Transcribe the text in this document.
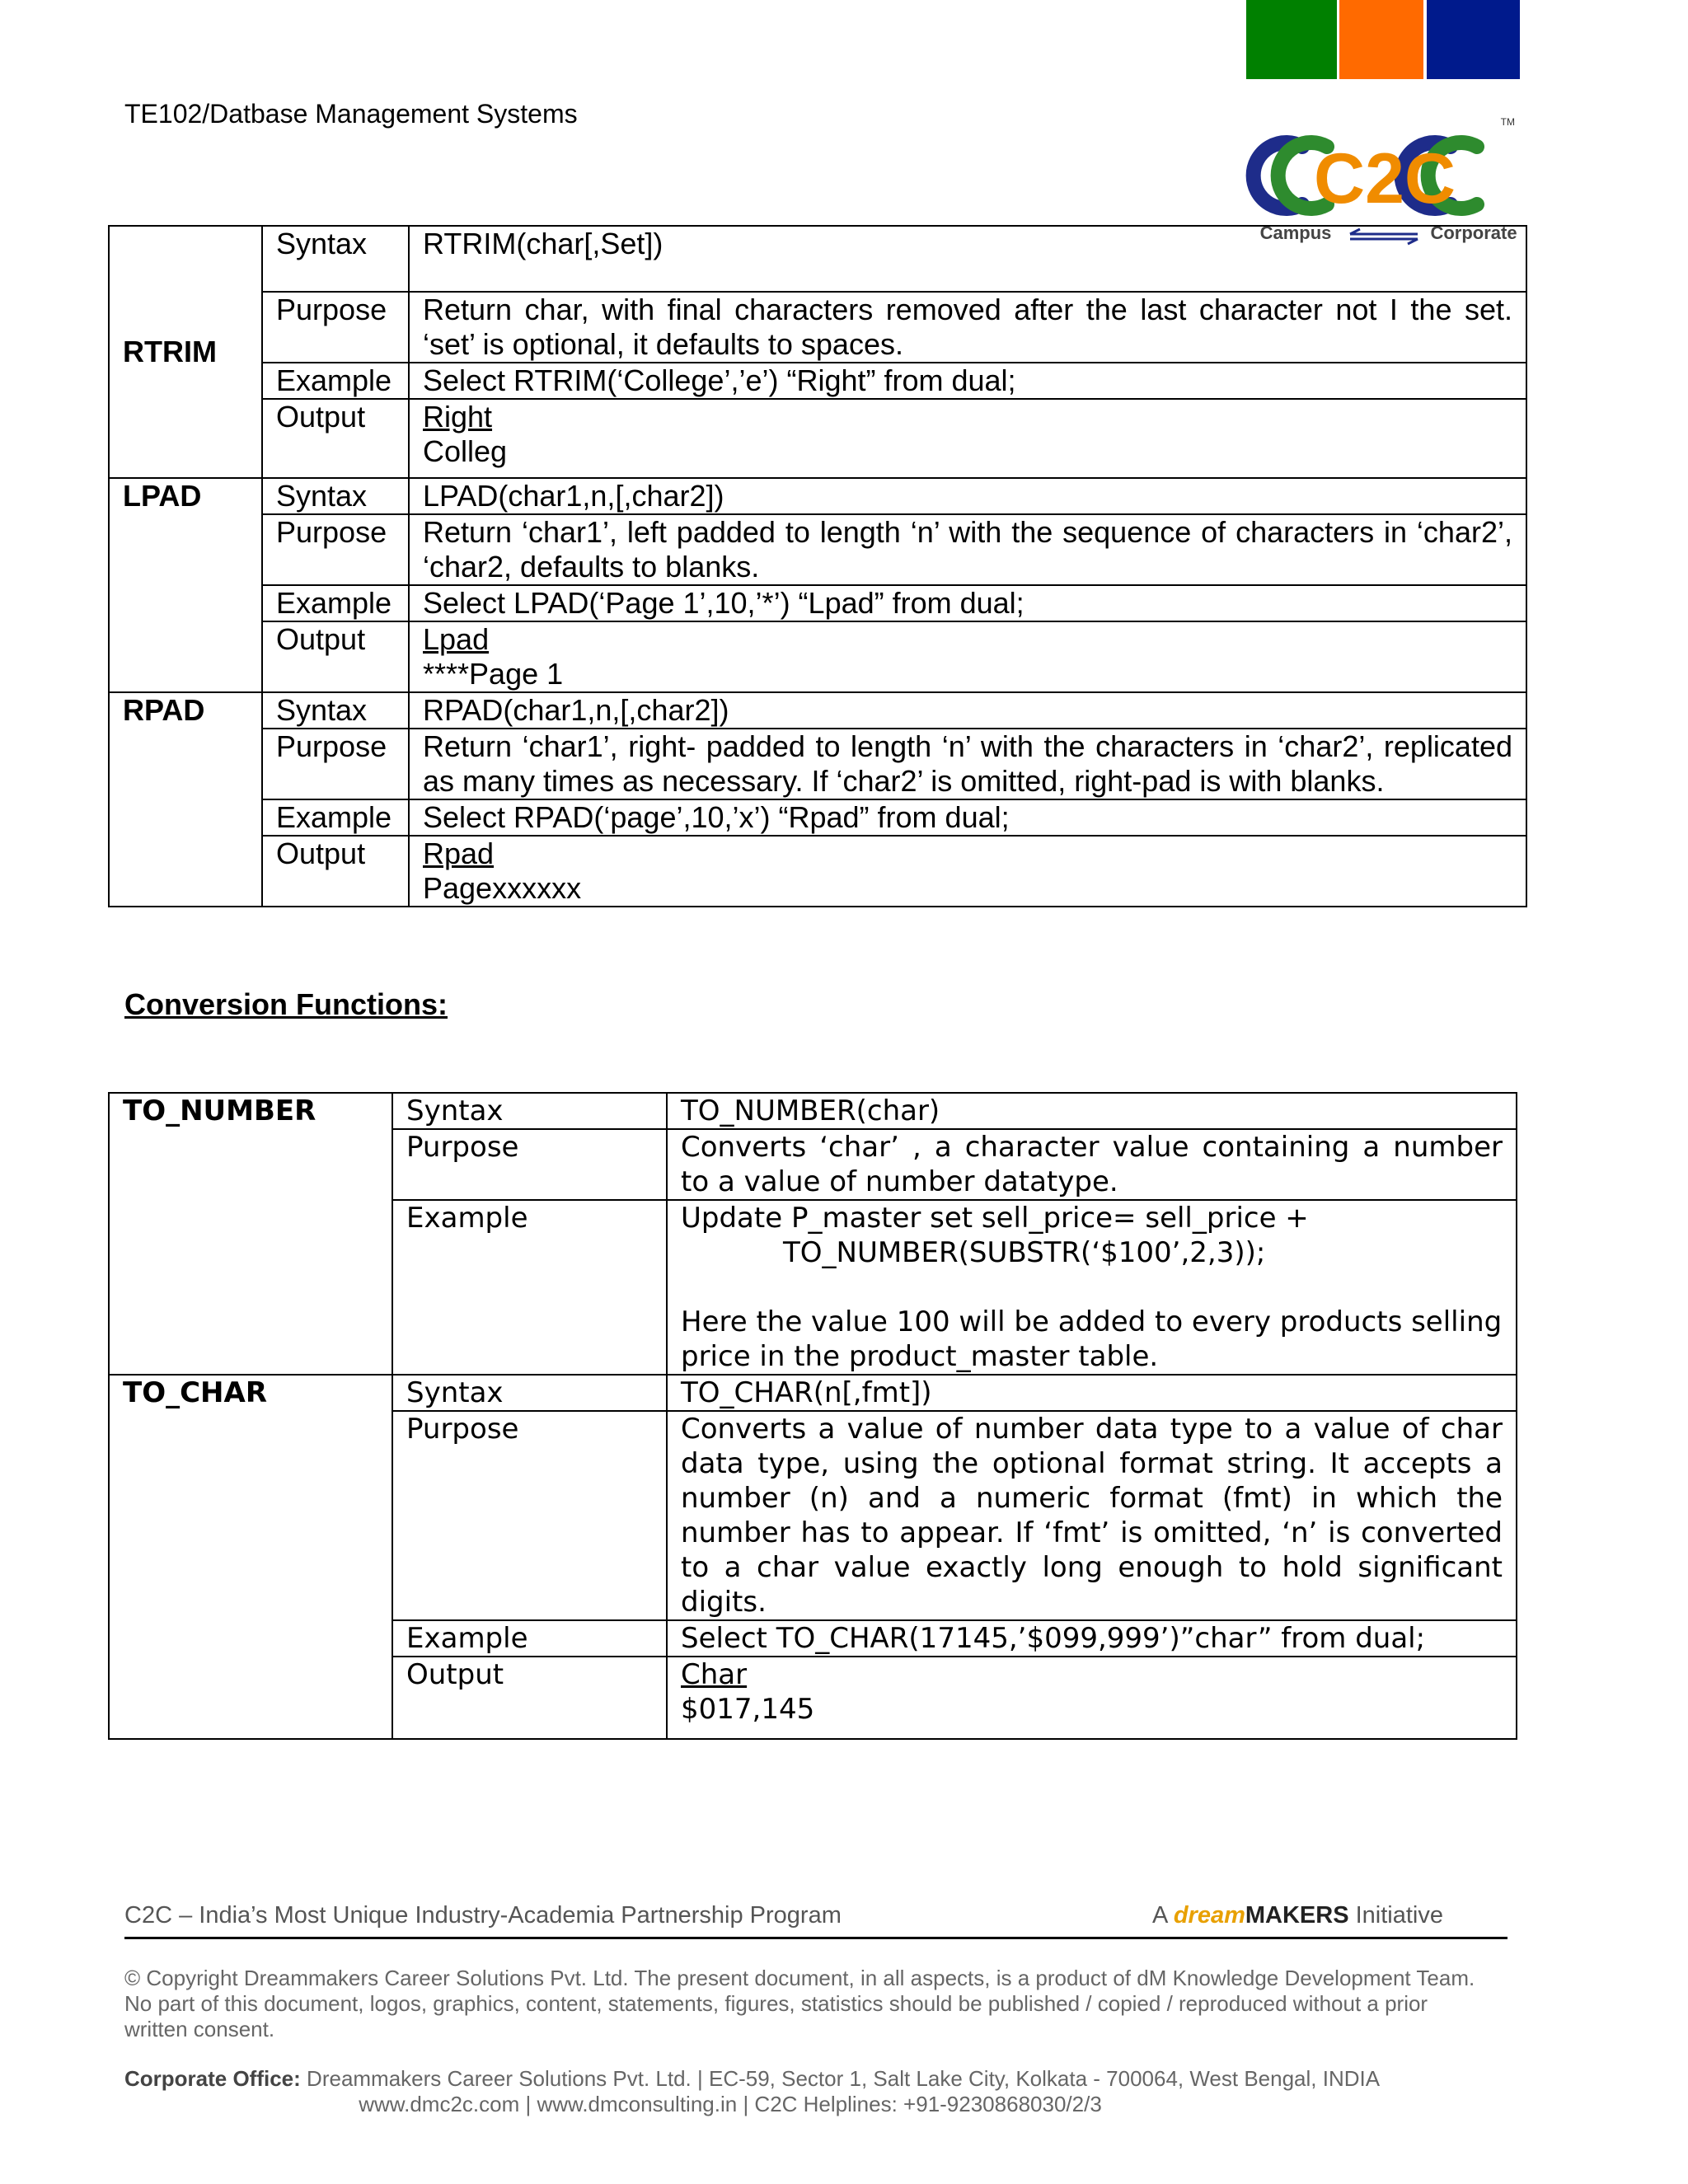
TE102/Datbase Management Systems
C2C
TM
Campus	Corporate
RTRIM	Syntax	RTRIM(char[,Set])
	Purpose	Return char, with final characters removed after the last character not I the set. ‘set’ is optional, it defaults to spaces.
	Example	Select RTRIM(‘College’,’e’) “Right” from dual;
	Output	Right
Colleg
LPAD	Syntax	LPAD(char1,n,[,char2])
	Purpose	Return ‘char1’, left padded to length ‘n’ with the sequence of characters in ‘char2’, ‘char2, defaults to blanks.
	Example	Select LPAD(‘Page 1’,10,’*’) “Lpad” from dual;
	Output	Lpad
****Page 1
RPAD	Syntax	RPAD(char1,n,[,char2])
	Purpose	Return ‘char1’, right- padded to length ‘n’ with the characters in ‘char2’, replicated as many times as necessary. If ‘char2’ is omitted, right-pad is with blanks.
	Example	Select RPAD(‘page’,10,’x’) “Rpad” from dual;
	Output	Rpad
Pagexxxxxx
Conversion Functions:
TO_NUMBER	Syntax	TO_NUMBER(char)
	Purpose	Converts ‘char’ , a character value containing a number to a value of number datatype.
	Example	Update P_master set sell_price= sell_price +
TO_NUMBER(SUBSTR(‘$100’,2,3));
Here the value 100 will be added to every products selling price in the product_master table.

TO_CHAR	Syntax	TO_CHAR(n[,fmt])
	Purpose	Converts a value of number data type to a value of char data type, using the optional format string. It accepts a number (n) and a numeric format (fmt) in which the number has to appear. If ‘fmt’ is omitted, ‘n’ is converted to a char value exactly long enough to hold significant digits.
	Example	Select TO_CHAR(17145,’$099,999’)”char” from dual;
	Output	Char
$017,145
C2C – India’s Most Unique Industry-Academia Partnership Program	A dreamMAKERS Initiative
© Copyright Dreammakers Career Solutions Pvt. Ltd. The present document, in all aspects, is a product of dM Knowledge Development Team. No part of this document, logos, graphics, content, statements, figures, statistics should be published / copied / reproduced without a prior written consent.
Corporate Office: Dreammakers Career Solutions Pvt. Ltd. | EC-59, Sector 1, Salt Lake City, Kolkata - 700064, West Bengal, INDIA
www.dmc2c.com | www.dmconsulting.in | C2C Helplines: +91-9230868030/2/3
